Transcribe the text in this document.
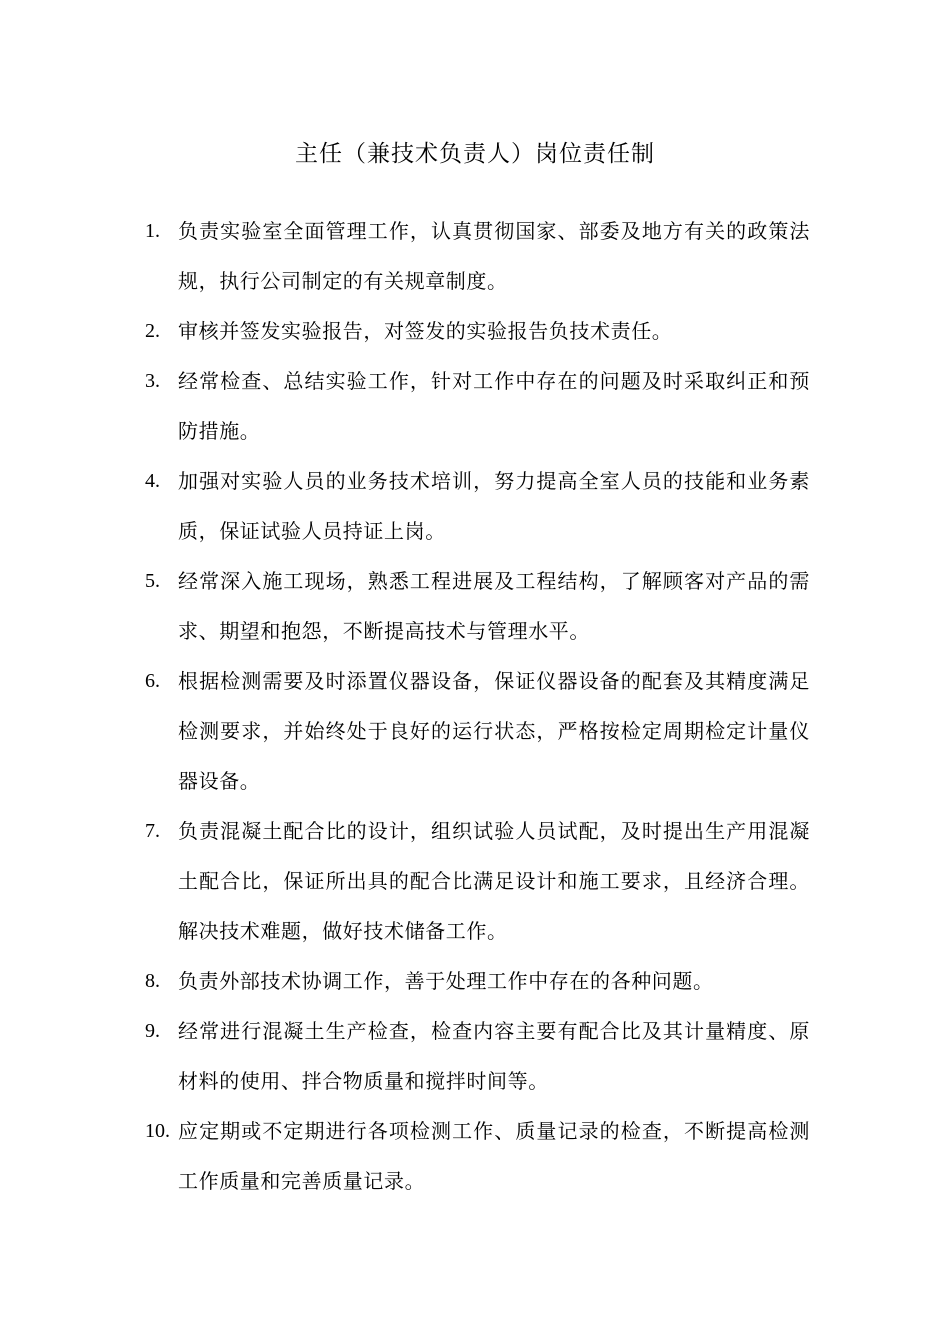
主任（兼技术负责人）岗位责任制
1. 负责实验室全面管理工作，认真贯彻国家、部委及地方有关的政策法规，执行公司制定的有关规章制度。
2. 审核并签发实验报告，对签发的实验报告负技术责任。
3. 经常检查、总结实验工作，针对工作中存在的问题及时采取纠正和预防措施。
4. 加强对实验人员的业务技术培训，努力提高全室人员的技能和业务素质，保证试验人员持证上岗。
5. 经常深入施工现场，熟悉工程进展及工程结构，了解顾客对产品的需求、期望和抱怨，不断提高技术与管理水平。
6. 根据检测需要及时添置仪器设备，保证仪器设备的配套及其精度满足检测要求，并始终处于良好的运行状态，严格按检定周期检定计量仪器设备。
7. 负责混凝土配合比的设计，组织试验人员试配，及时提出生产用混凝土配合比，保证所出具的配合比满足设计和施工要求，且经济合理。解决技术难题，做好技术储备工作。
8. 负责外部技术协调工作，善于处理工作中存在的各种问题。
9. 经常进行混凝土生产检查，检查内容主要有配合比及其计量精度、原材料的使用、拌合物质量和搅拌时间等。
10. 应定期或不定期进行各项检测工作、质量记录的检查，不断提高检测工作质量和完善质量记录。
